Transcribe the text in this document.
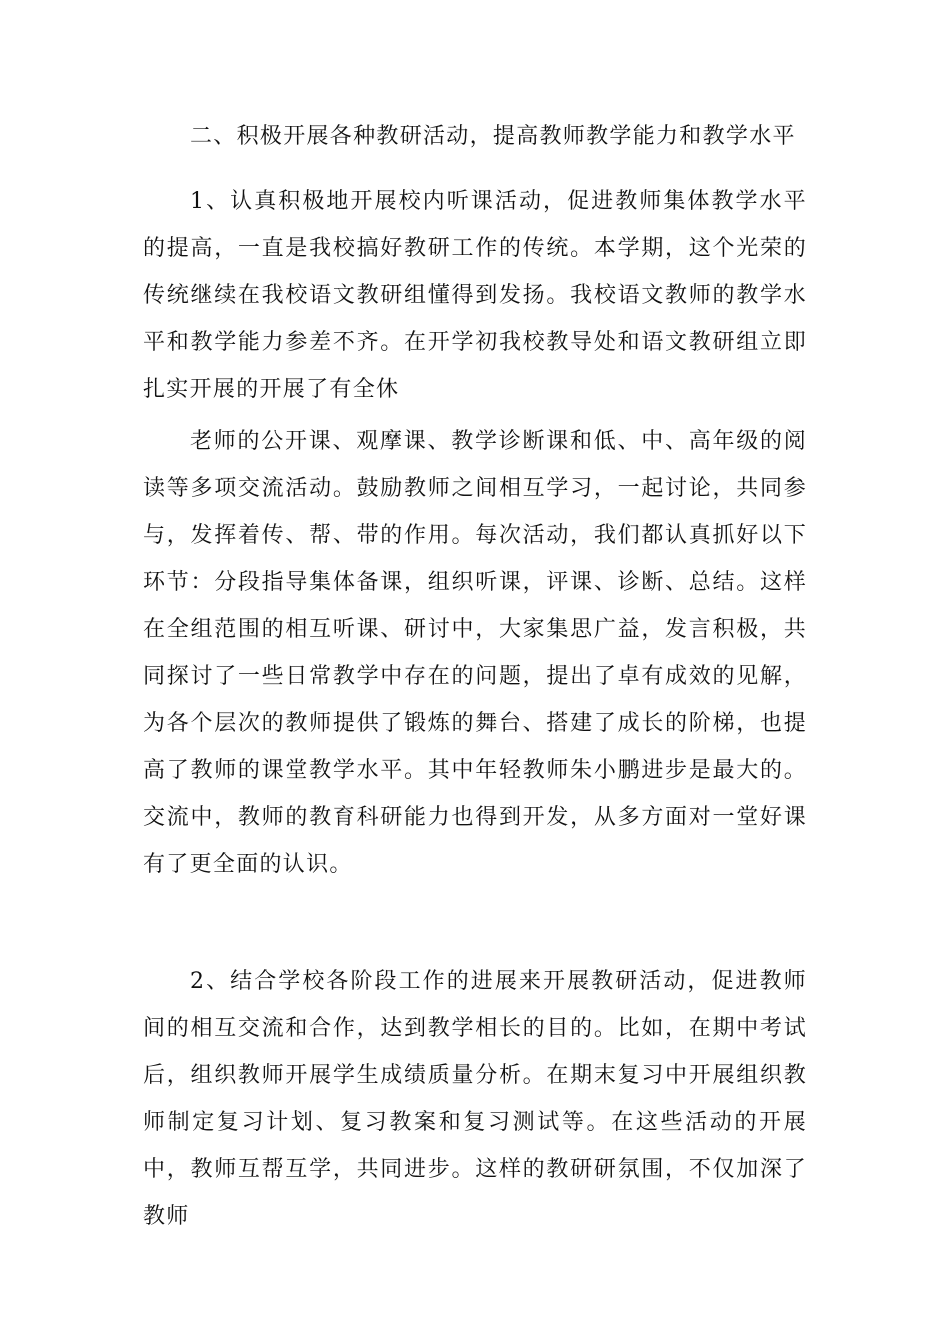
二、积极开展各种教研活动，提高教师教学能力和教学水平

1、认真积极地开展校内听课活动，促进教师集体教学水平的提高，一直是我校搞好教研工作的传统。本学期，这个光荣的传统继续在我校语文教研组懂得到发扬。我校语文教师的教学水平和教学能力参差不齐。在开学初我校教导处和语文教研组立即扎实开展的开展了有全休

老师的公开课、观摩课、教学诊断课和低、中、高年级的阅读等多项交流活动。鼓励教师之间相互学习，一起讨论，共同参与，发挥着传、帮、带的作用。每次活动，我们都认真抓好以下环节：分段指导集体备课，组织听课，评课、诊断、总结。这样在全组范围的相互听课、研讨中，大家集思广益，发言积极，共同探讨了一些日常教学中存在的问题，提出了卓有成效的见解，为各个层次的教师提供了锻炼的舞台、搭建了成长的阶梯，也提高了教师的课堂教学水平。其中年轻教师朱小鹏进步是最大的。交流中，教师的教育科研能力也得到开发，从多方面对一堂好课有了更全面的认识。

2、结合学校各阶段工作的进展来开展教研活动，促进教师间的相互交流和合作，达到教学相长的目的。比如，在期中考试后，组织教师开展学生成绩质量分析。在期末复习中开展组织教师制定复习计划、复习教案和复习测试等。在这些活动的开展中，教师互帮互学，共同进步。这样的教研研氛围，不仅加深了教师
